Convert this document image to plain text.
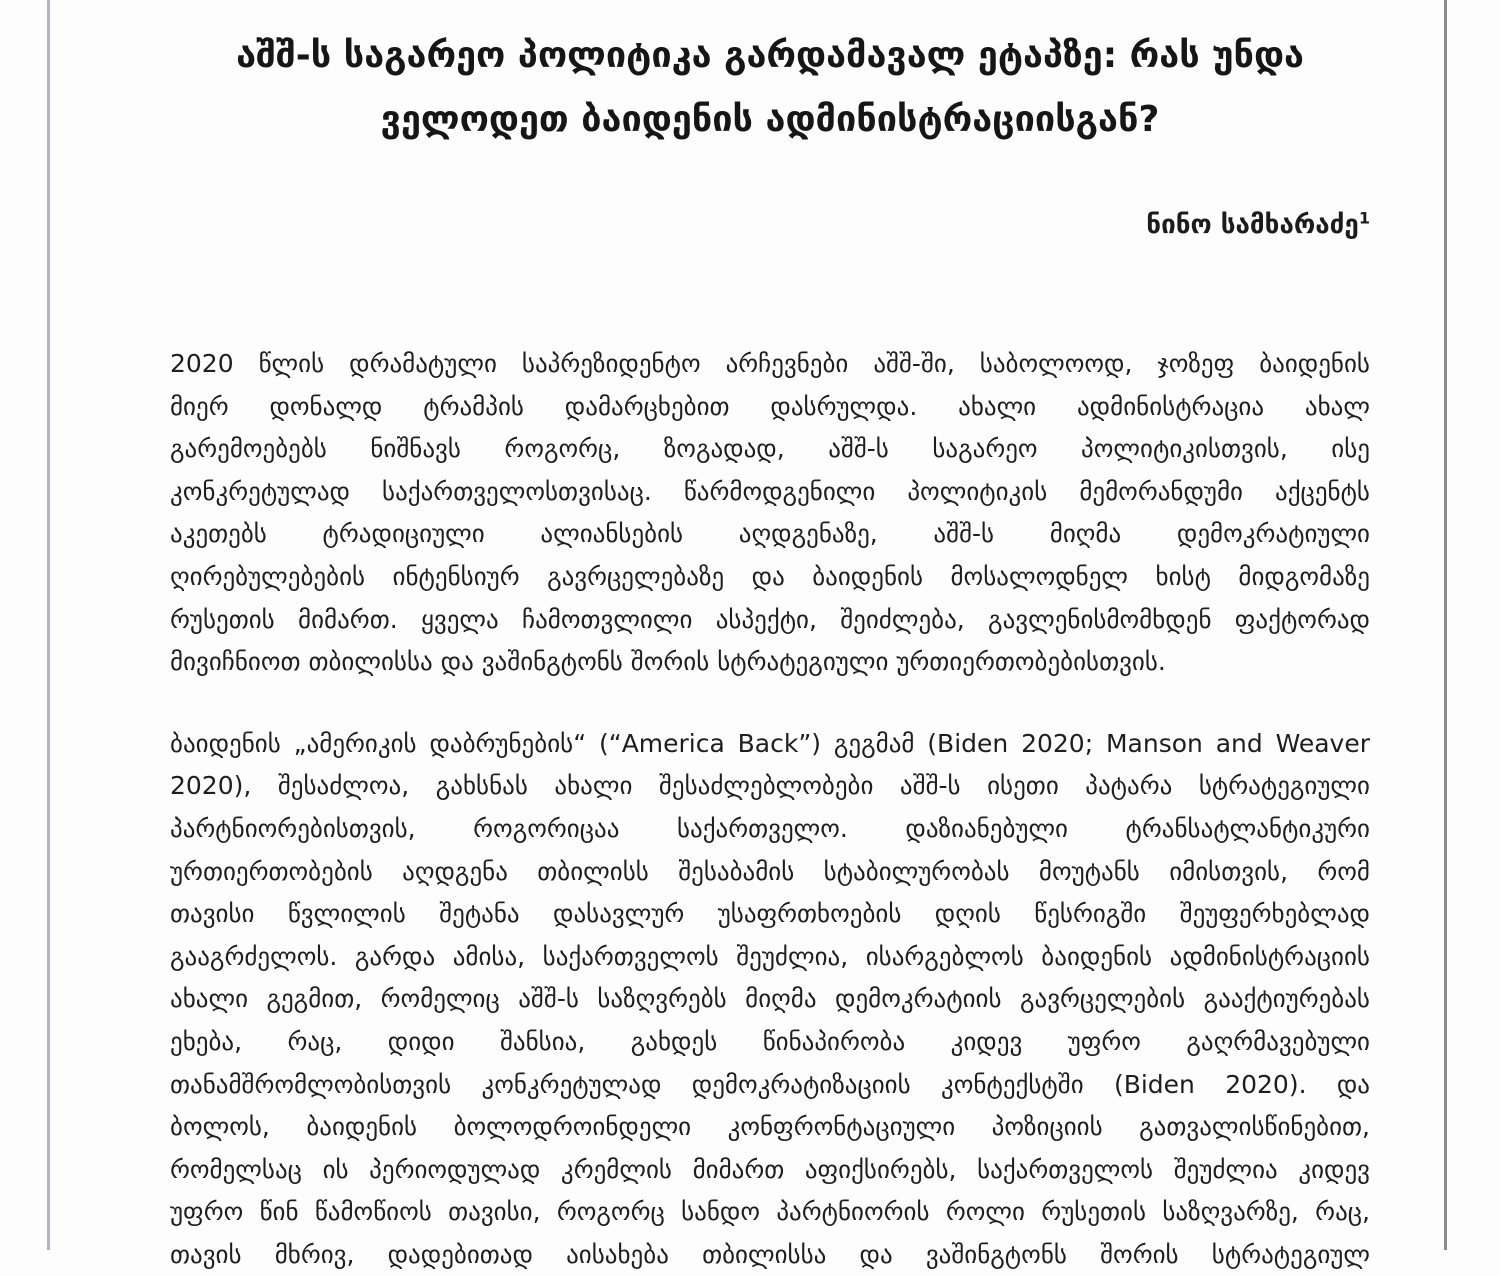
აშშ-ს საგარეო პოლიტიკა გარდამავალ ეტაპზე: რას უნდა
ველოდეთ ბაიდენის ადმინისტრაციისგან?
ნინო სამხარაძე$^1$
2020 წლის დრამატული საპრეზიდენტო არჩევნები აშშ-ში, საბოლოოდ, ჯოზეფ ბაიდენის
მიერ დონალდ ტრამპის დამარცხებით დასრულდა. ახალი ადმინისტრაცია ახალ
გარემოებებს ნიშნავს როგორც, ზოგადად, აშშ-ს საგარეო პოლიტიკისთვის, ისე
კონკრეტულად საქართველოსთვისაც. წარმოდგენილი პოლიტიკის მემორანდუმი აქცენტს
აკეთებს ტრადიციული ალიანსების აღდგენაზე, აშშ-ს მიღმა დემოკრატიული
ღირებულებების ინტენსიურ გავრცელებაზე და ბაიდენის მოსალოდნელ ხისტ მიდგომაზე
რუსეთის მიმართ. ყველა ჩამოთვლილი ასპექტი, შეიძლება, გავლენისმომხდენ ფაქტორად
მივიჩნიოთ თბილისსა და ვაშინგტონს შორის სტრატეგიული ურთიერთობებისთვის.
ბაიდენის „ამერიკის დაბრუნების“ (“America Back”) გეგმამ (Biden 2020; Manson and Weaver
2020), შესაძლოა, გახსნას ახალი შესაძლებლობები აშშ-ს ისეთი პატარა სტრატეგიული
პარტნიორებისთვის, როგორიცაა საქართველო. დაზიანებული ტრანსატლანტიკური
ურთიერთობების აღდგენა თბილისს შესაბამის სტაბილურობას მოუტანს იმისთვის, რომ
თავისი წვლილის შეტანა დასავლურ უსაფრთხოების დღის წესრიგში შეუფერხებლად
გააგრძელოს. გარდა ამისა, საქართველოს შეუძლია, ისარგებლოს ბაიდენის ადმინისტრაციის
ახალი გეგმით, რომელიც აშშ-ს საზღვრებს მიღმა დემოკრატიის გავრცელების გააქტიურებას
ეხება, რაც, დიდი შანსია, გახდეს წინაპირობა კიდევ უფრო გაღრმავებული
თანამშრომლობისთვის კონკრეტულად დემოკრატიზაციის კონტექსტში (Biden 2020). და
ბოლოს, ბაიდენის ბოლოდროინდელი კონფრონტაციული პოზიციის გათვალისწინებით,
რომელსაც ის პერიოდულად კრემლის მიმართ აფიქსირებს, საქართველოს შეუძლია კიდევ
უფრო წინ წამოწიოს თავისი, როგორც სანდო პარტნიორის როლი რუსეთის საზღვარზე, რაც,
თავის მხრივ, დადებითად აისახება თბილისსა და ვაშინგტონს შორის სტრატეგიულ
